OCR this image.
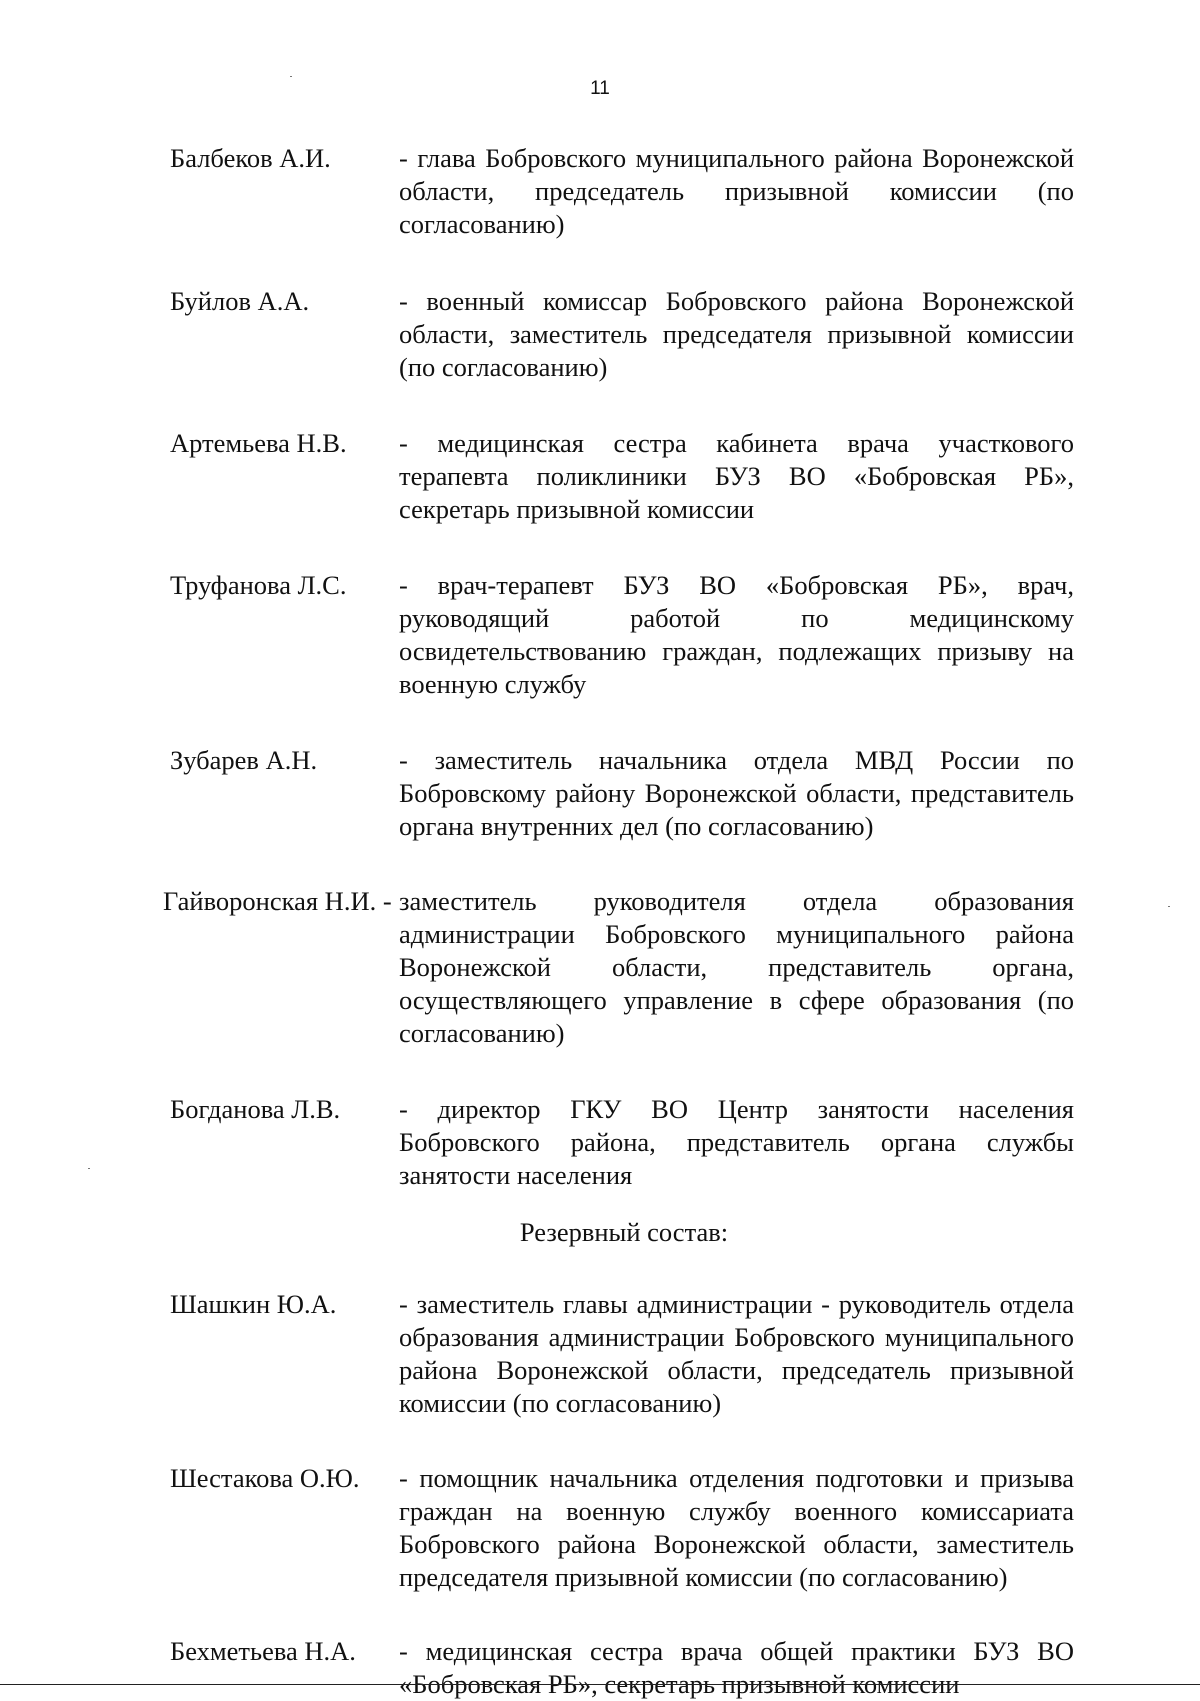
11
Балбеков А.И.	- глава Бобровского муниципального района Воронежской области, председатель призывной комиссии (по согласованию)
Буйлов А.А.	- военный комиссар Бобровского района Воронежской области, заместитель председателя призывной комиссии (по согласованию)
Артемьева Н.В. - медицинская сестра кабинета врача участкового терапевта поликлиники БУЗ ВО «Бобровская РБ», секретарь призывной комиссии
Труфанова Л.С. - врач-терапевт БУЗ ВО «Бобровская РБ», врач, руководящий работой по медицинскому освидетельствованию граждан, подлежащих призыву на военную службу
Зубарев А.Н.	- заместитель начальника отдела МВД России по Бобровскому району Воронежской области, представитель органа внутренних дел (по согласованию)
Гайворонская Н.И. - заместитель руководителя отдела образования администрации Бобровского муниципального района Воронежской области, представитель органа, осуществляющего управление в сфере образования (по согласованию)
Богданова Л.В. - директор ГКУ ВО Центр занятости населения Бобровского района, представитель органа службы занятости населения
Резервный состав:
Шашкин Ю.А. - заместитель главы администрации - руководитель отдела образования администрации Бобровского муниципального района Воронежской области, председатель призывной комиссии (по согласованию)
Шестакова О.Ю. - помощник начальника отделения подготовки и призыва граждан на военную службу военного комиссариата Бобровского района Воронежской области, заместитель председателя призывной комиссии (по согласованию)
Бехметьева Н.А. - медицинская сестра врача общей практики БУЗ ВО «Бобровская РБ», секретарь призывной комиссии
